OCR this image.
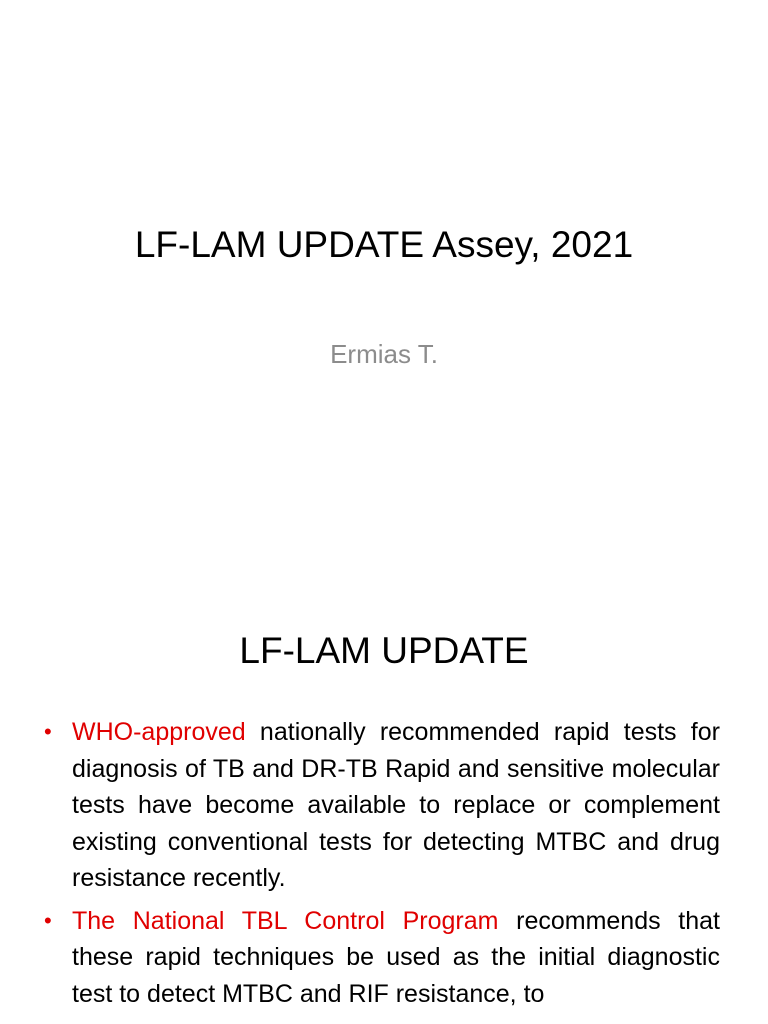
LF-LAM UPDATE Assey, 2021
Ermias T.
LF-LAM UPDATE
• WHO-approved nationally recommended rapid tests for diagnosis of TB and DR-TB Rapid and sensitive molecular tests have become available to replace or complement existing conventional tests for detecting MTBC and drug resistance recently.
• The National TBL Control Program recommends that these rapid techniques be used as the initial diagnostic test to detect MTBC and RIF resistance, to
